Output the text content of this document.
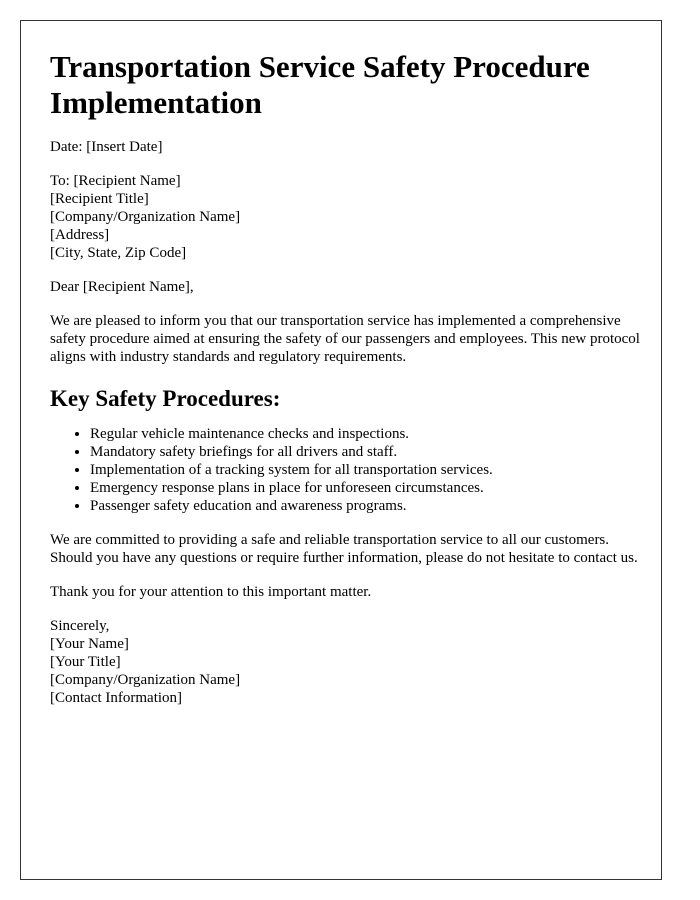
Transportation Service Safety Procedure Implementation

Date: [Insert Date]

To: [Recipient Name]
[Recipient Title]
[Company/Organization Name]
[Address]
[City, State, Zip Code]

Dear [Recipient Name],

We are pleased to inform you that our transportation service has implemented a comprehensive safety procedure aimed at ensuring the safety of our passengers and employees. This new protocol aligns with industry standards and regulatory requirements.

Key Safety Procedures:
• Regular vehicle maintenance checks and inspections.
• Mandatory safety briefings for all drivers and staff.
• Implementation of a tracking system for all transportation services.
• Emergency response plans in place for unforeseen circumstances.
• Passenger safety education and awareness programs.

We are committed to providing a safe and reliable transportation service to all our customers. Should you have any questions or require further information, please do not hesitate to contact us.

Thank you for your attention to this important matter.

Sincerely,
[Your Name]
[Your Title]
[Company/Organization Name]
[Contact Information]
